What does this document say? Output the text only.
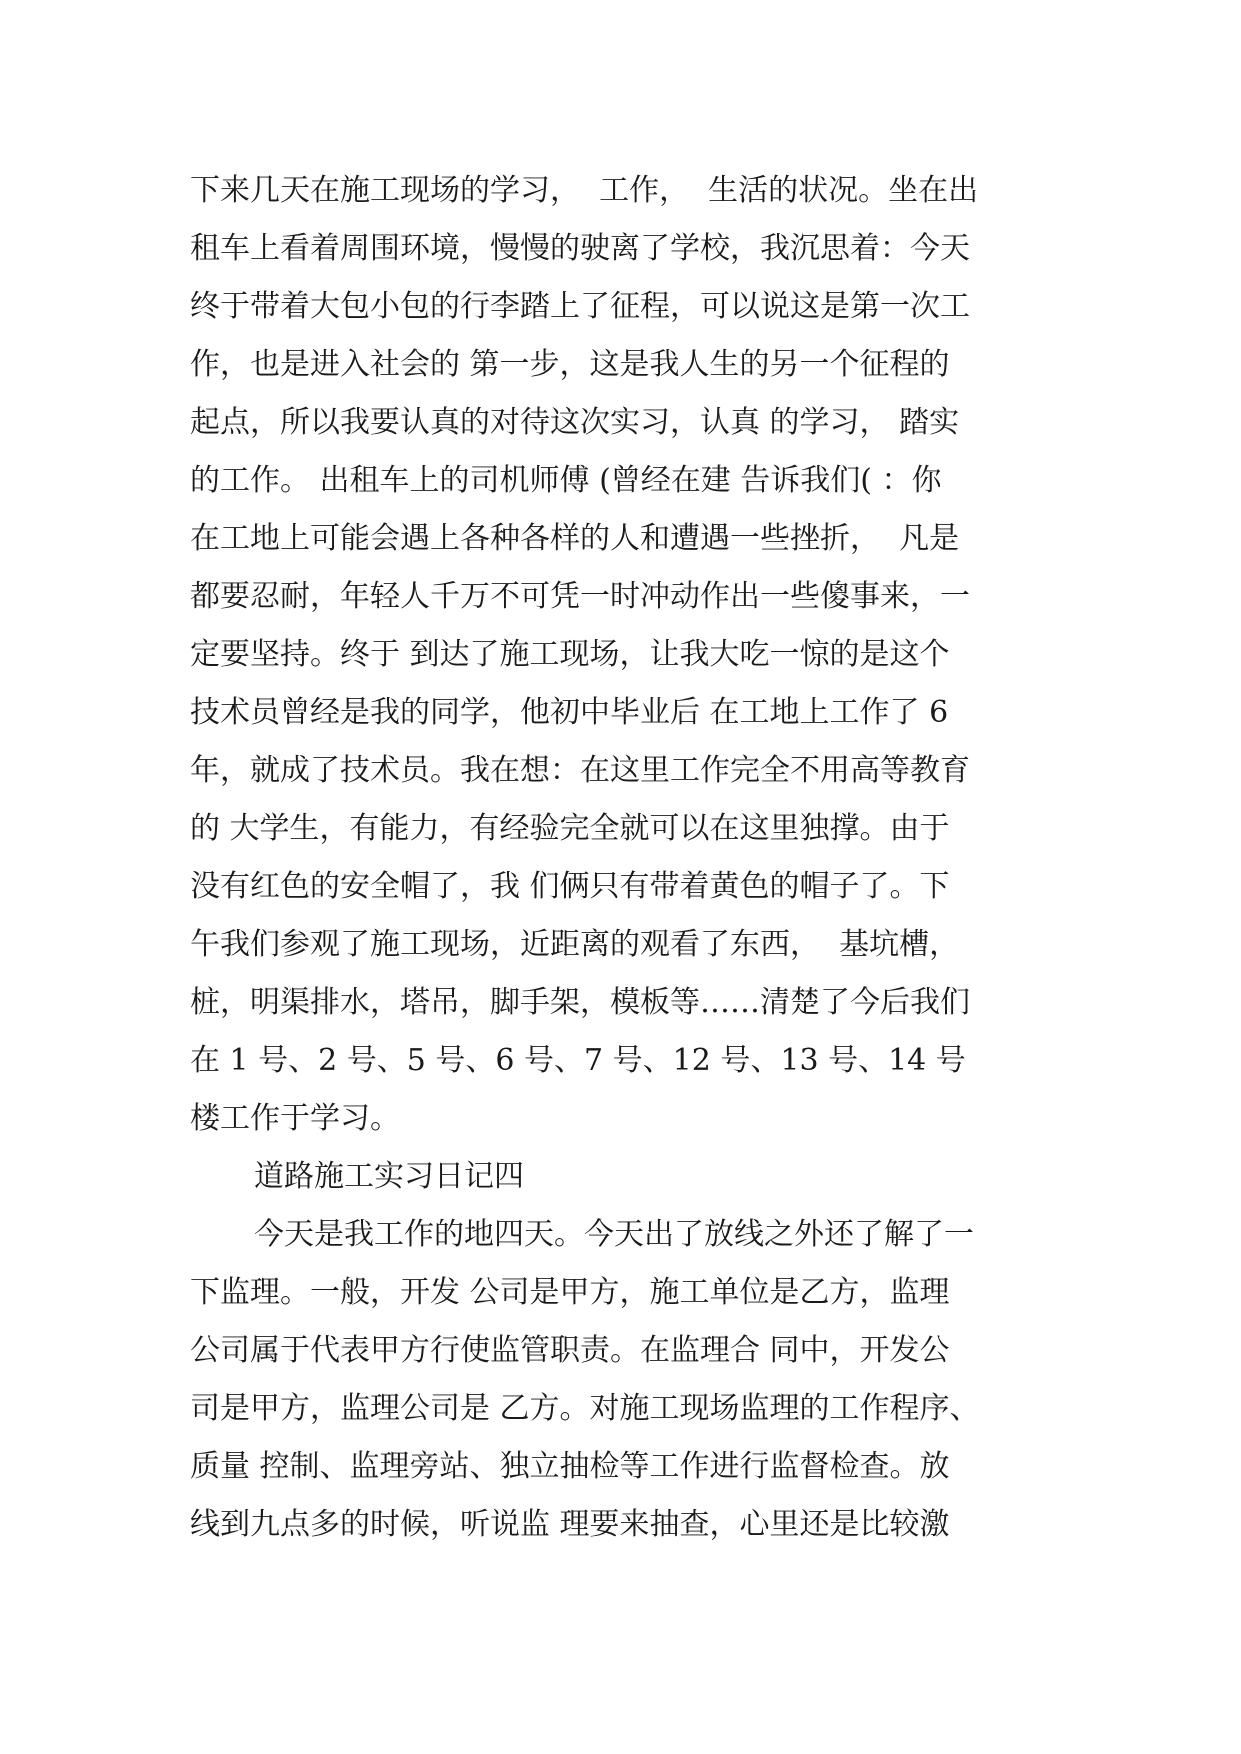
下来几天在施工现场的学习，  工作，  生活的状况。坐在出
租车上看着周围环境，慢慢的驶离了学校，我沉思着：今天
终于带着大包小包的行李踏上了征程，可以说这是第一次工
作，也是进入社会的 第一步，这是我人生的另一个征程的
起点，所以我要认真的对待这次实习，认真 的学习， 踏实
的工作。 出租车上的司机师傅 (曾经在建 告诉我们( ：你
在工地上可能会遇上各种各样的人和遭遇一些挫折，  凡是
都要忍耐，年轻人千万不可凭一时冲动作出一些傻事来，一
定要坚持。终于 到达了施工现场，让我大吃一惊的是这个
技术员曾经是我的同学，他初中毕业后 在工地上工作了 6
年，就成了技术员。我在想：在这里工作完全不用高等教育
的 大学生，有能力，有经验完全就可以在这里独撑。由于
没有红色的安全帽了，我 们俩只有带着黄色的帽子了。下
午我们参观了施工现场，近距离的观看了东西，  基坑槽，
桩，明渠排水，塔吊，脚手架，模板等……清楚了今后我们
在 1 号、2 号、5 号、6 号、7 号、12 号、13 号、14 号
楼工作于学习。
道路施工实习日记四
今天是我工作的地四天。今天出了放线之外还了解了一
下监理。一般，开发 公司是甲方，施工单位是乙方，监理
公司属于代表甲方行使监管职责。在监理合 同中，开发公
司是甲方，监理公司是 乙方。对施工现场监理的工作程序、
质量 控制、监理旁站、独立抽检等工作进行监督检查。放
线到九点多的时候，听说监 理要来抽查，心里还是比较激
